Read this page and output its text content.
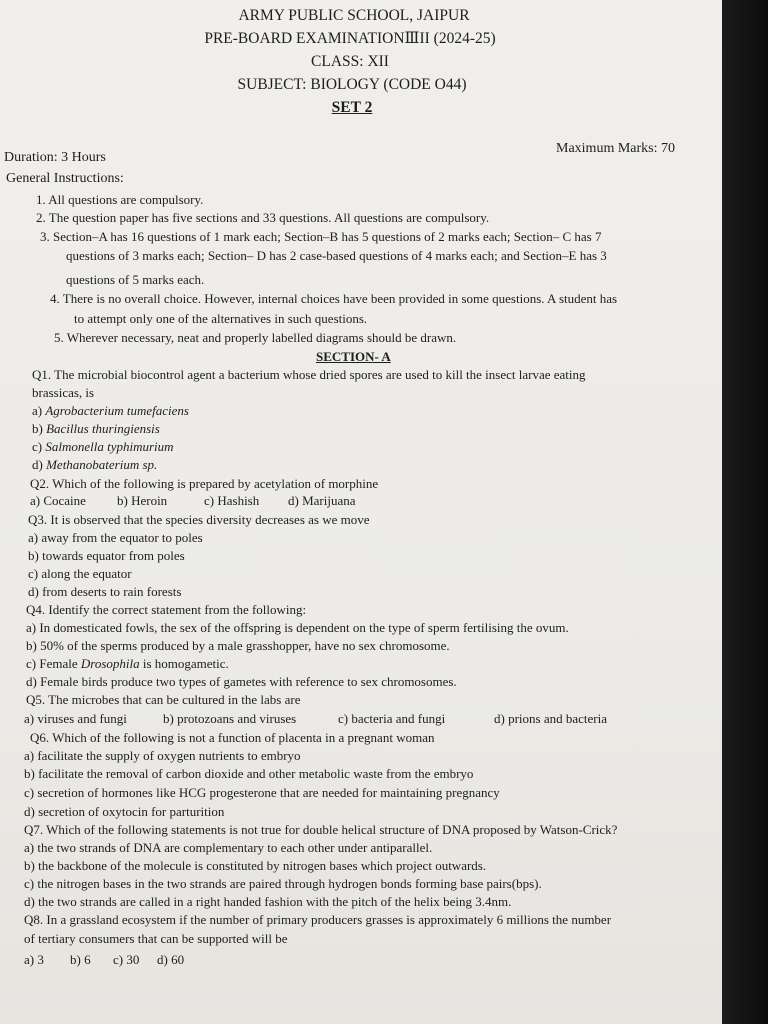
ARMY PUBLIC SCHOOL, JAIPUR
PRE-BOARD EXAMINATIONⅢII (2024-25)
CLASS: XII
SUBJECT: BIOLOGY (CODE O44)
SET 2
Duration: 3 Hours
Maximum Marks: 70
General Instructions:
1. All questions are compulsory.
2. The question paper has five sections and 33 questions. All questions are compulsory.
3. Section–A has 16 questions of 1 mark each; Section–B has 5 questions of 2 marks each; Section– C has 7
questions of 3 marks each; Section– D has 2 case-based questions of 4 marks each; and Section–E has 3
questions of 5 marks each.
4. There is no overall choice. However, internal choices have been provided in some questions. A student has
to attempt only one of the alternatives in such questions.
5. Wherever necessary, neat and properly labelled diagrams should be drawn.
SECTION- A
Q1. The microbial biocontrol agent a bacterium whose dried spores are used to kill the insect larvae eating
brassicas, is
a) Agrobacterium tumefaciens
b) Bacillus thuringiensis
c) Salmonella typhimurium
d) Methanobaterium sp.
Q2. Which of the following is prepared by acetylation of morphine
a) Cocaine b) Heroin	c) Hashish d) Marijuana
Q3. It is observed that the species diversity decreases as we move
a) away from the equator to poles
b) towards equator from poles
c) along the equator
d) from deserts to rain forests
Q4. Identify the correct statement from the following:
a) In domesticated fowls, the sex of the offspring is dependent on the type of sperm fertilising the ovum.
b) 50% of the sperms produced by a male grasshopper, have no sex chromosome.
c) Female Drosophila is homogametic.
d) Female birds produce two types of gametes with reference to sex chromosomes.
Q5. The microbes that can be cultured in the labs are
a) viruses and fungi	b) protozoans and viruses	c) bacteria and fungi	d) prions and bacteria
Q6. Which of the following is not a function of placenta in a pregnant woman
a) facilitate the supply of oxygen nutrients to embryo
b) facilitate the removal of carbon dioxide and other metabolic waste from the embryo
c) secretion of hormones like HCG progesterone that are needed for maintaining pregnancy
d) secretion of oxytocin for parturition
Q7. Which of the following statements is not true for double helical structure of DNA proposed by Watson-Crick?
a) the two strands of DNA are complementary to each other under antiparallel.
b) the backbone of the molecule is constituted by nitrogen bases which project outwards.
c) the nitrogen bases in the two strands are paired through hydrogen bonds forming base pairs(bps).
d) the two strands are called in a right handed fashion with the pitch of the helix being 3.4nm.
Q8. In a grassland ecosystem if the number of primary producers grasses is approximately 6 millions the number
of tertiary consumers that can be supported will be
a) 3 b) 6 c) 30 d) 60
